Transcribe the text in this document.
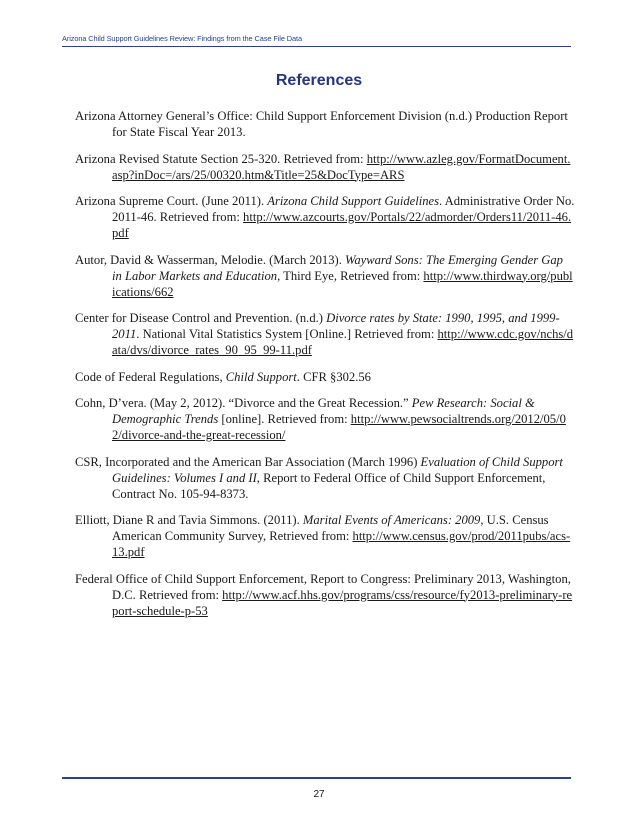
Arizona Child Support Guidelines Review: Findings from the Case File Data
References

Arizona Attorney General’s Office: Child Support Enforcement Division (n.d.) Production Report for State Fiscal Year 2013.

Arizona Revised Statute Section 25-320. Retrieved from: http://www.azleg.gov/FormatDocument.asp?inDoc=/ars/25/00320.htm&Title=25&DocType=ARS

Arizona Supreme Court. (June 2011). Arizona Child Support Guidelines. Administrative Order No. 2011-46. Retrieved from: http://www.azcourts.gov/Portals/22/admorder/Orders11/2011-46.pdf

Autor, David & Wasserman, Melodie. (March 2013). Wayward Sons: The Emerging Gender Gap in Labor Markets and Education, Third Eye, Retrieved from: http://www.thirdway.org/publications/662

Center for Disease Control and Prevention. (n.d.) Divorce rates by State: 1990, 1995, and 1999-2011. National Vital Statistics System [Online.] Retrieved from: http://www.cdc.gov/nchs/data/dvs/divorce_rates_90_95_99-11.pdf

Code of Federal Regulations, Child Support. CFR §302.56

Cohn, D’vera. (May 2, 2012). “Divorce and the Great Recession.” Pew Research: Social & Demographic Trends [online]. Retrieved from: http://www.pewsocialtrends.org/2012/05/02/divorce-and-the-great-recession/

CSR, Incorporated and the American Bar Association (March 1996) Evaluation of Child Support Guidelines: Volumes I and II, Report to Federal Office of Child Support Enforcement, Contract No. 105-94-8373.

Elliott, Diane R and Tavia Simmons. (2011). Marital Events of Americans: 2009, U.S. Census American Community Survey, Retrieved from: http://www.census.gov/prod/2011pubs/acs-13.pdf

Federal Office of Child Support Enforcement, Report to Congress: Preliminary 2013, Washington, D.C. Retrieved from: http://www.acf.hhs.gov/programs/css/resource/fy2013-preliminary-report-schedule-p-53

27
